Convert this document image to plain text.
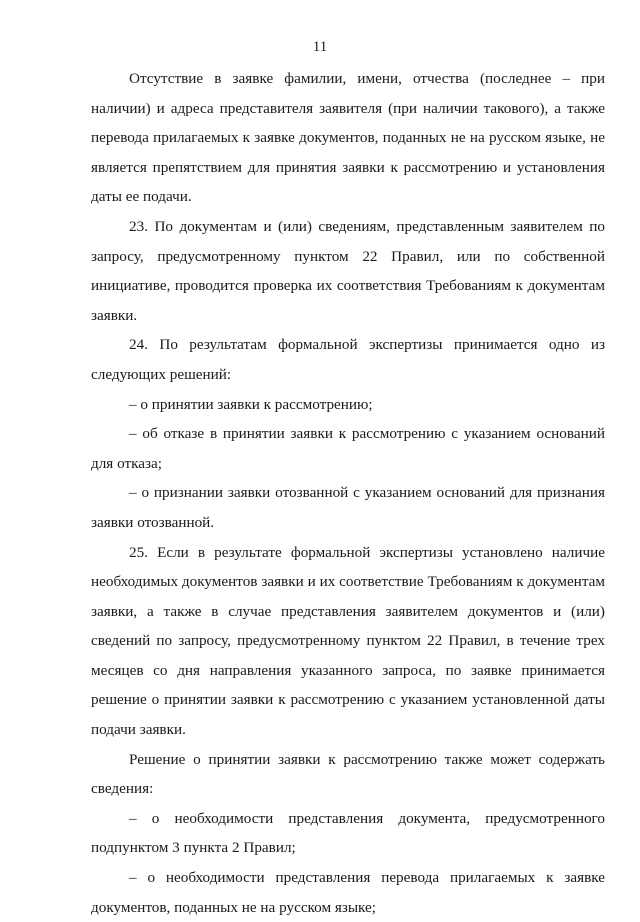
11

Отсутствие в заявке фамилии, имени, отчества (последнее – при наличии) и адреса представителя заявителя (при наличии такового), а также перевода прилагаемых к заявке документов, поданных не на русском языке, не является препятствием для принятия заявки к рассмотрению и установления даты ее подачи.

23. По документам и (или) сведениям, представленным заявителем по запросу, предусмотренному пунктом 22 Правил, или по собственной инициативе, проводится проверка их соответствия Требованиям к документам заявки.

24. По результатам формальной экспертизы принимается одно из следующих решений:

– о принятии заявки к рассмотрению;

– об отказе в принятии заявки к рассмотрению с указанием оснований для отказа;

– о признании заявки отозванной с указанием оснований для признания заявки отозванной.

25. Если в результате формальной экспертизы установлено наличие необходимых документов заявки и их соответствие Требованиям к документам заявки, а также в случае представления заявителем документов и (или) сведений по запросу, предусмотренному пунктом 22 Правил, в течение трех месяцев со дня направления указанного запроса, по заявке принимается решение о принятии заявки к рассмотрению с указанием установленной даты подачи заявки.

Решение о принятии заявки к рассмотрению также может содержать сведения:

– о необходимости представления документа, предусмотренного подпунктом 3 пункта 2 Правил;

– о необходимости представления перевода прилагаемых к заявке документов, поданных не на русском языке;
